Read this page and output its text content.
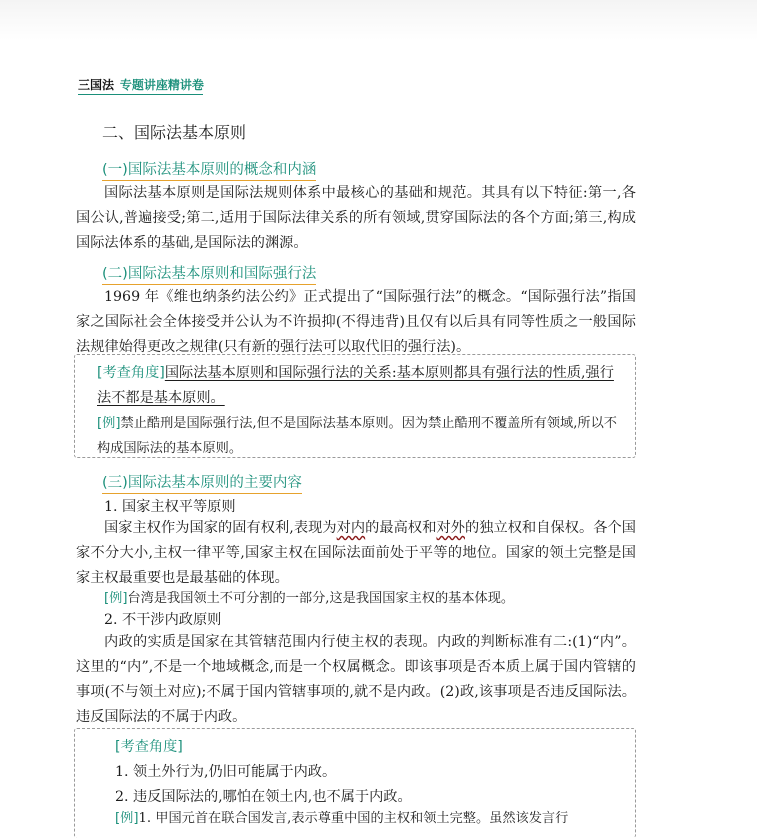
三国法 专题讲座精讲卷
二、国际法基本原则
(一)国际法基本原则的概念和内涵
国际法基本原则是国际法规则体系中最核心的基础和规范。其具有以下特征:第一,各国公认,普遍接受;第二,适用于国际法律关系的所有领域,贯穿国际法的各个方面;第三,构成国际法体系的基础,是国际法的渊源。
(二)国际法基本原则和国际强行法
1969 年《维也纳条约法公约》正式提出了“国际强行法”的概念。“国际强行法”指国家之国际社会全体接受并公认为不许损抑(不得违背)且仅有以后具有同等性质之一般国际法规律始得更改之规律(只有新的强行法可以取代旧的强行法)。
[考查角度]国际法基本原则和国际强行法的关系:基本原则都具有强行法的性质,强行法不都是基本原则。
[例]禁止酷刑是国际强行法,但不是国际法基本原则。因为禁止酷刑不覆盖所有领域,所以不构成国际法的基本原则。
(三)国际法基本原则的主要内容
1. 国家主权平等原则
国家主权作为国家的固有权利,表现为对内的最高权和对外的独立权和自保权。各个国家不分大小,主权一律平等,国家主权在国际法面前处于平等的地位。国家的领土完整是国家主权最重要也是最基础的体现。
[例]台湾是我国领土不可分割的一部分,这是我国国家主权的基本体现。
2. 不干涉内政原则
内政的实质是国家在其管辖范围内行使主权的表现。内政的判断标准有二:(1)“内”。这里的“内”,不是一个地域概念,而是一个权属概念。即该事项是否本质上属于国内管辖的事项(不与领土对应);不属于国内管辖事项的,就不是内政。(2)政,该事项是否违反国际法。违反国际法的不属于内政。
[考查角度]
1. 领土外行为,仍旧可能属于内政。
2. 违反国际法的,哪怕在领土内,也不属于内政。
[例]1. 甲国元首在联合国发言,表示尊重中国的主权和领土完整。虽然该发言行
